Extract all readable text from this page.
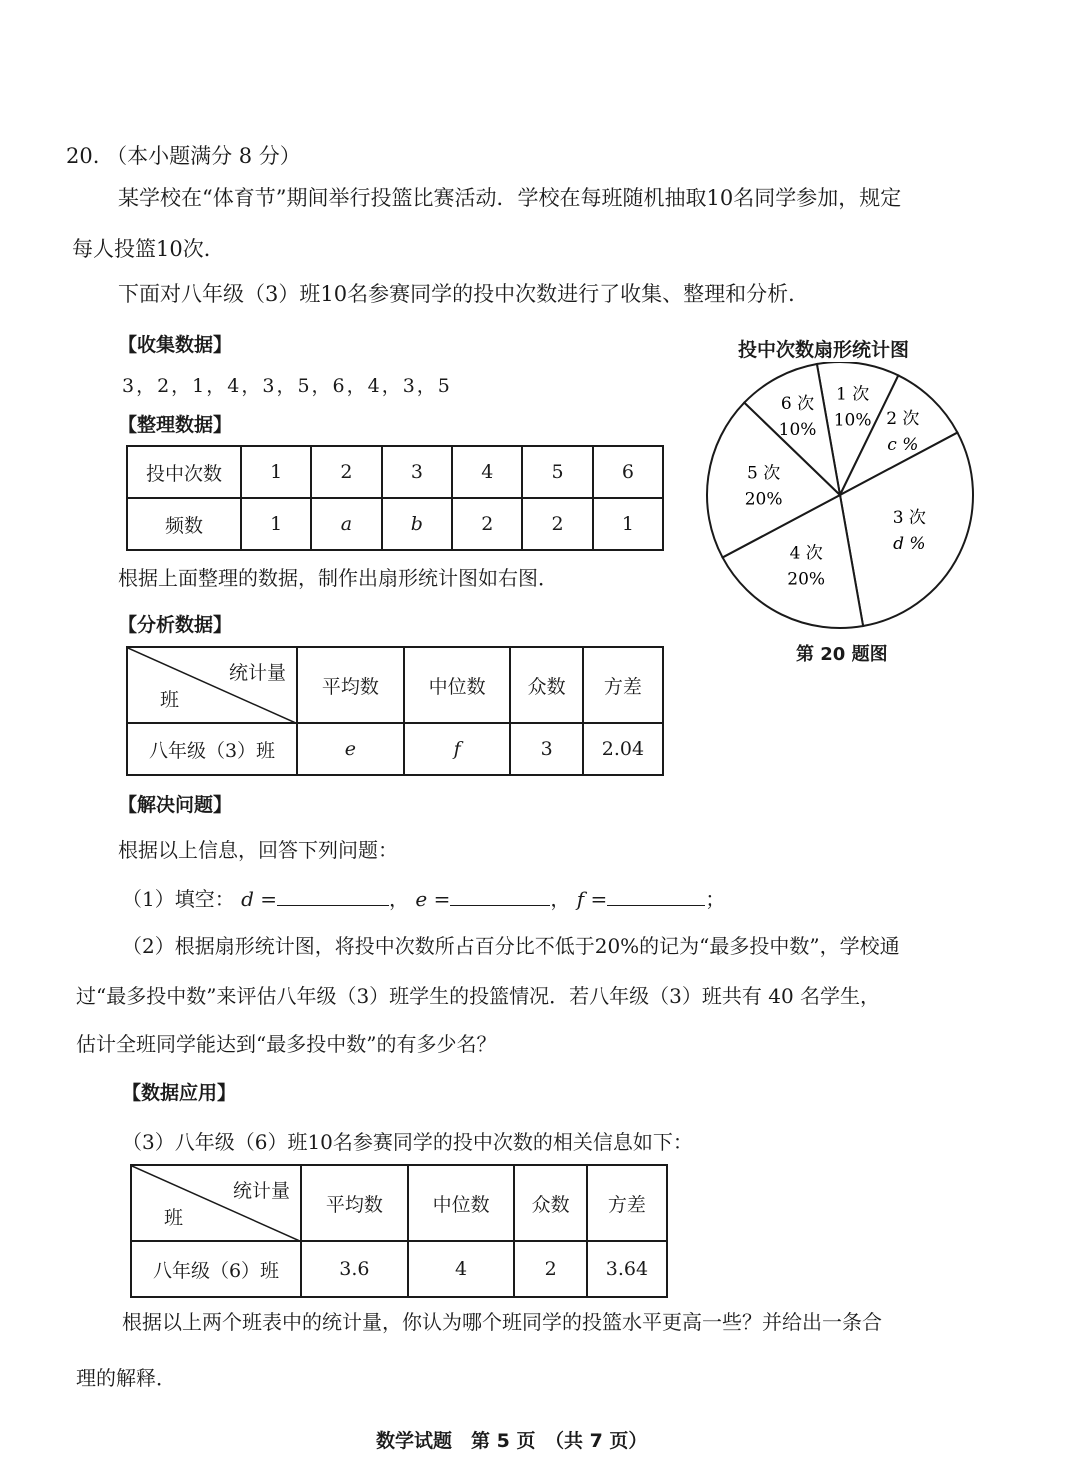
20. （本小题满分 8 分）
某学校在“体育节”期间举行投篮比赛活动．学校在每班随机抽取10名同学参加，规定
每人投篮10次．
下面对八年级（3）班10名参赛同学的投中次数进行了收集、整理和分析．
【收集数据】
3，2，1，4，3，5，6，4，3，5
【整理数据】
投中次数	1	2	3	4	5	6
频数	1	a	b	2	2	1
根据上面整理的数据，制作出扇形统计图如右图．
投中次数扇形统计图
1 次
10% 2 次
c %
3 次
d %
4 次
20%
5 次
20%
6 次
10%
第 20 题图
【分析数据】
统计量
班	平均数	中位数	众数	方差
八年级（3）班	e	f	3	2.04
【解决问题】
根据以上信息，回答下列问题：
（1）填空： d =	， e =	， f =	；
（2）根据扇形统计图，将投中次数所占百分比不低于20%的记为“最多投中数”，学校通
过“最多投中数”来评估八年级（3）班学生的投篮情况．若八年级（3）班共有 40 名学生，
估计全班同学能达到“最多投中数”的有多少名？
【数据应用】
（3）八年级（6）班10名参赛同学的投中次数的相关信息如下：
统计量
班	平均数	中位数	众数	方差
八年级（6）班	3.6	4	2	3.64
根据以上两个班表中的统计量，你认为哪个班同学的投篮水平更高一些？并给出一条合
理的解释．
数学试题　第 5 页　（共 7 页）
